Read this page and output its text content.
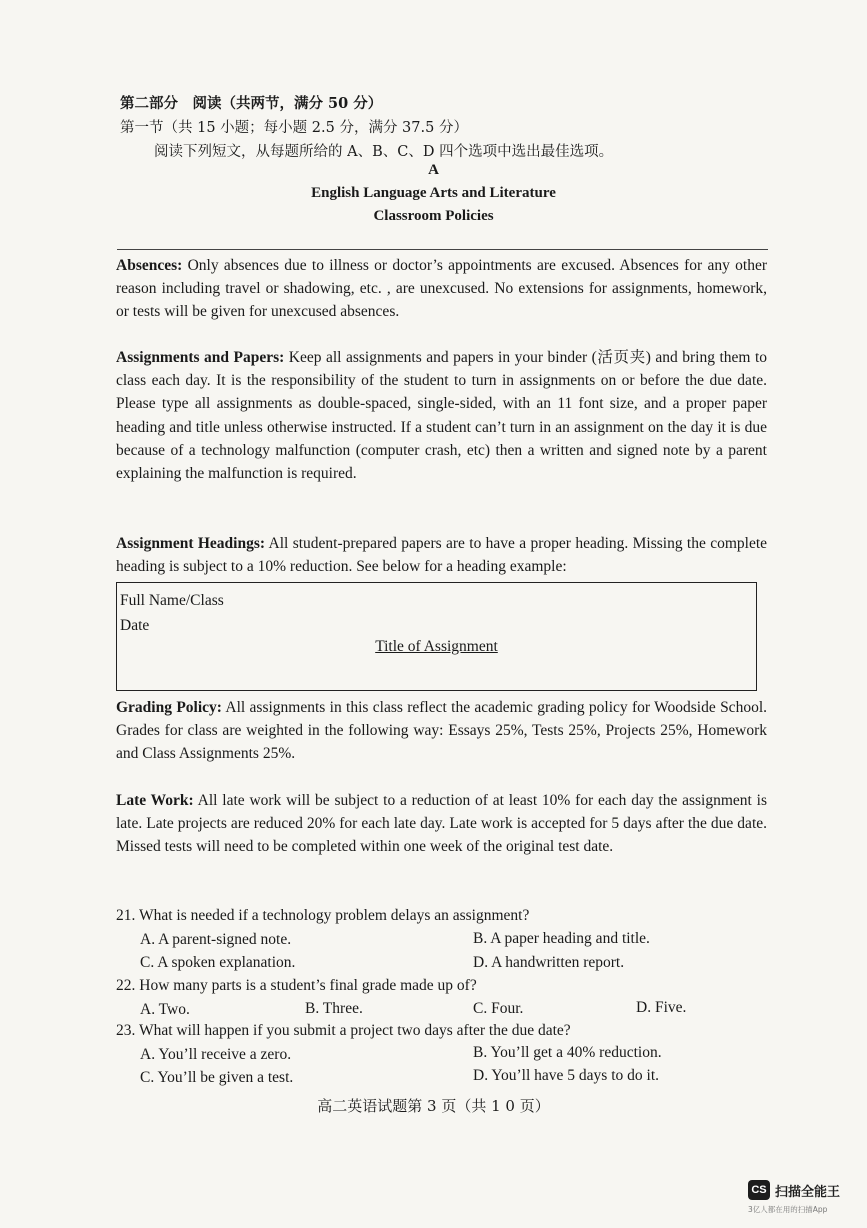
第二部分　阅读（共两节，满分 50 分）
第一节（共 15 小题；每小题 2.5 分，满分 37.5 分）
阅读下列短文，从每题所给的 A、B、C、D 四个选项中选出最佳选项。
A
English Language Arts and Literature
Classroom Policies
Absences: Only absences due to illness or doctor’s appointments are excused. Absences for any other reason including travel or shadowing, etc. , are unexcused. No extensions for assignments, homework, or tests will be given for unexcused absences.
Assignments and Papers: Keep all assignments and papers in your binder (活页夹) and bring them to class each day. It is the responsibility of the student to turn in assignments on or before the due date. Please type all assignments as double-spaced, single-sided, with an 11 font size, and a proper paper heading and title unless otherwise instructed. If a student can’t turn in an assignment on the day it is due because of a technology malfunction (computer crash, etc) then a written and signed note by a parent explaining the malfunction is required.
Assignment Headings: All student-prepared papers are to have a proper heading. Missing the complete heading is subject to a 10% reduction. See below for a heading example:
Full Name/Class
Date
Title of Assignment
Grading Policy: All assignments in this class reflect the academic grading policy for Woodside School. Grades for class are weighted in the following way: Essays 25%, Tests 25%, Projects 25%, Homework and Class Assignments 25%.
Late Work: All late work will be subject to a reduction of at least 10% for each day the assignment is late. Late projects are reduced 20% for each late day. Late work is accepted for 5 days after the due date. Missed tests will need to be completed within one week of the original test date.
21. What is needed if a technology problem delays an assignment?
A. A parent-signed note.	B. A paper heading and title.
C. A spoken explanation.	D. A handwritten report.
22. How many parts is a student’s final grade made up of?
A. Two.	B. Three.	C. Four.	D. Five.
23. What will happen if you submit a project two days after the due date?
A. You’ll receive a zero.	B. You’ll get a 40% reduction.
C. You’ll be given a test.	D. You’ll have 5 days to do it.
高二英语试题第 3 页（共 1 0 页）
CS 扫描全能王
3亿人都在用的扫描App
